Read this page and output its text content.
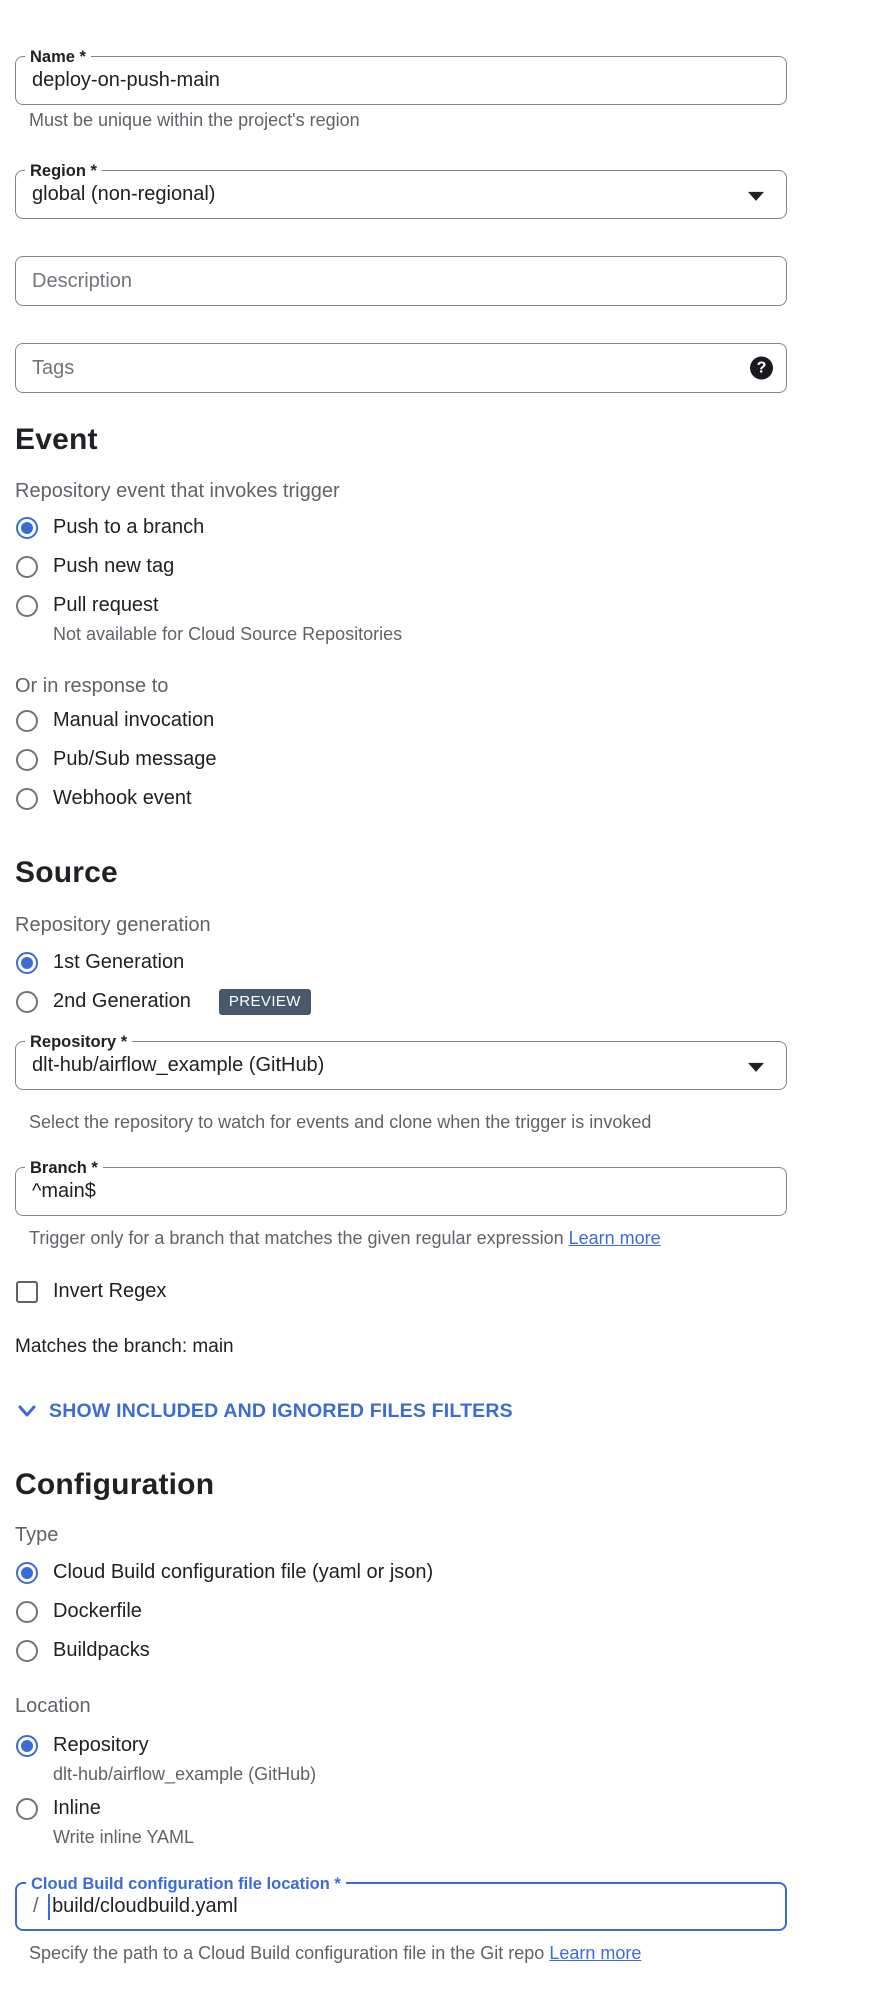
Name *
deploy-on-push-main
Must be unique within the project's region
Region *
global (non-regional)
Description
Tags
?
Event
Repository event that invokes trigger
Push to a branch
Push new tag
Pull request
Not available for Cloud Source Repositories
Or in response to
Manual invocation
Pub/Sub message
Webhook event
Source
Repository generation
1st Generation
2nd Generation	PREVIEW
Repository *
dlt-hub/airflow_example (GitHub)
Select the repository to watch for events and clone when the trigger is invoked
Branch *
^main$
Trigger only for a branch that matches the given regular expression Learn more
Invert Regex
Matches the branch: main
SHOW INCLUDED AND IGNORED FILES FILTERS
Configuration
Type
Cloud Build configuration file (yaml or json)
Dockerfile
Buildpacks
Location
Repository
dlt-hub/airflow_example (GitHub)
Inline
Write inline YAML
Cloud Build configuration file location *
/ build/cloudbuild.yaml
Specify the path to a Cloud Build configuration file in the Git repo Learn more
